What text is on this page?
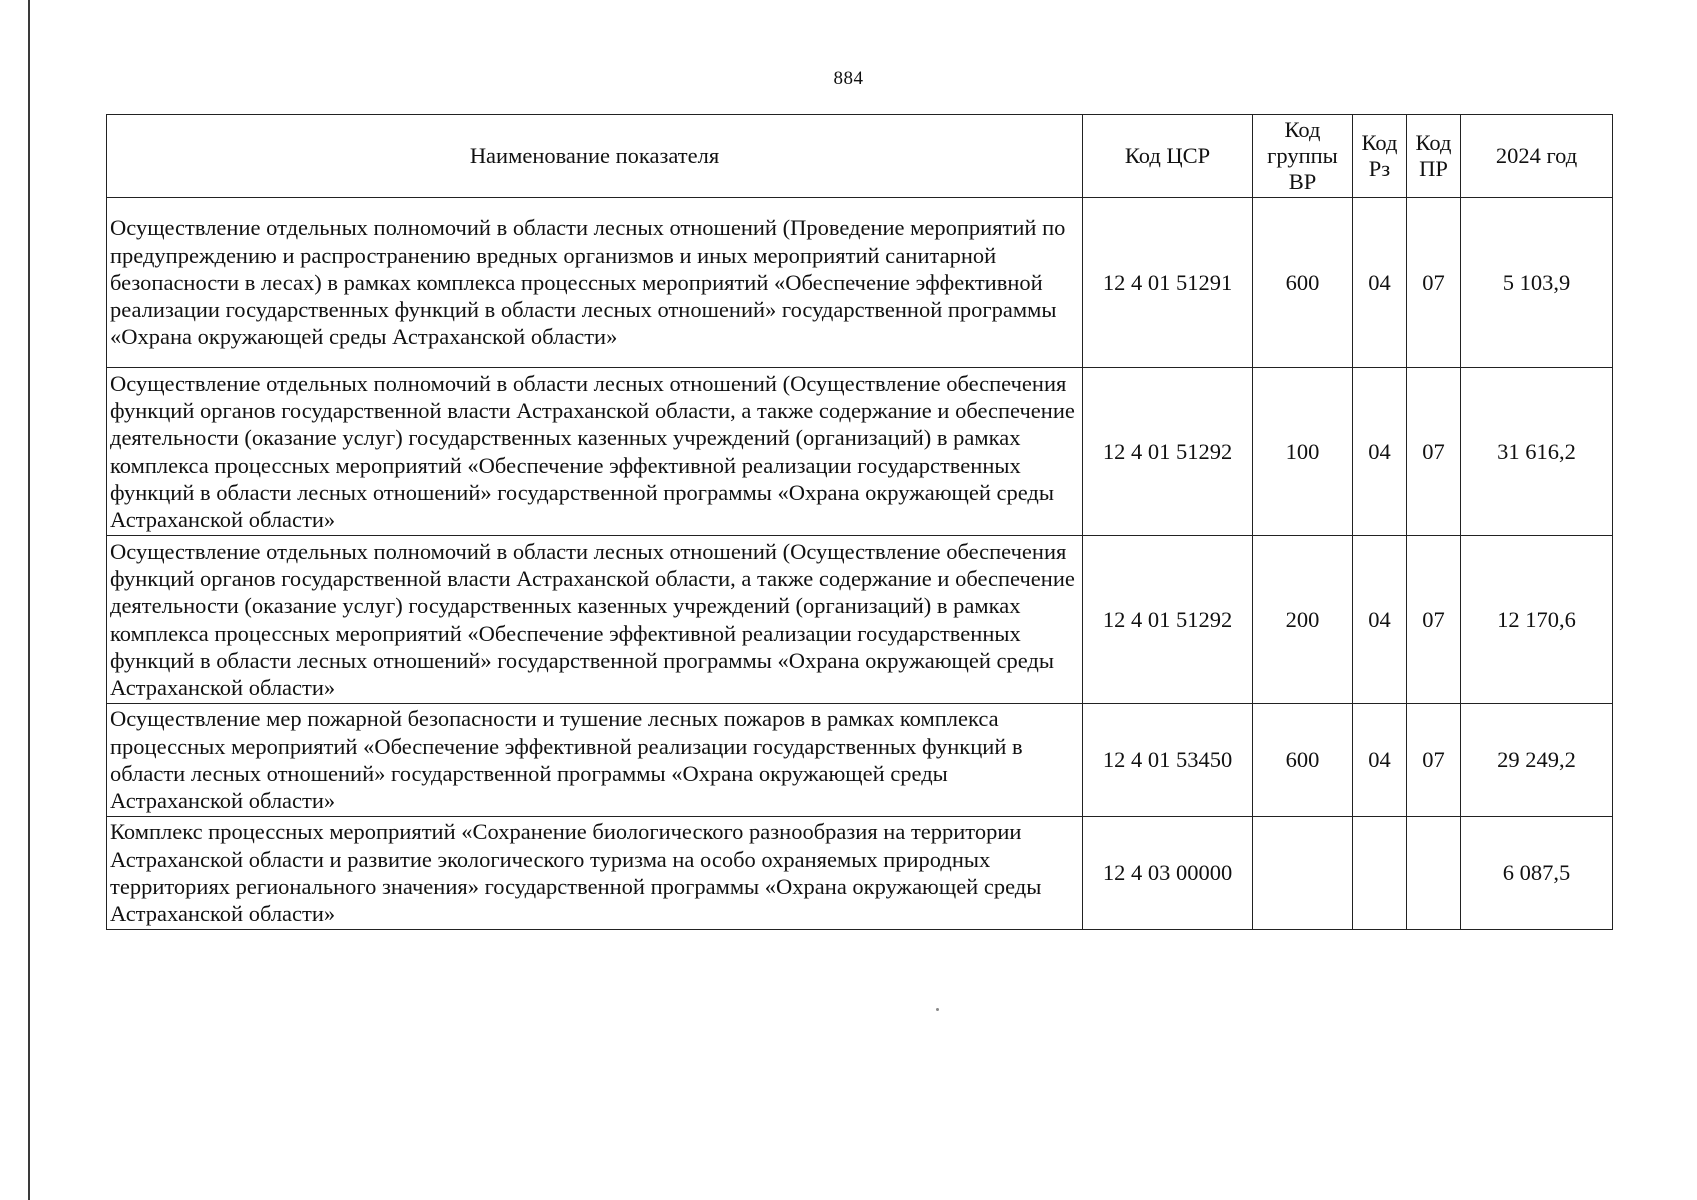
884
Наименование показателя	Код ЦСР	Код группы ВР	Код Рз	Код ПР	2024 год
Осуществление отдельных полномочий в области лесных отношений (Проведение мероприятий по предупреждению и распространению вредных организмов и иных мероприятий санитарной безопасности в лесах) в рамках комплекса процессных мероприятий «Обеспечение эффективной реализации государственных функций в области лесных отношений» государственной программы «Охрана окружающей среды Астраханской области»	12 4 01 51291	600	04	07	5 103,9
Осуществление отдельных полномочий в области лесных отношений (Осуществление обеспечения функций органов государственной власти Астраханской области, а также содержание и обеспечение деятельности (оказание услуг) государственных казенных учреждений (организаций) в рамках комплекса процессных мероприятий «Обеспечение эффективной реализации государственных функций в области лесных отношений» государственной программы «Охрана окружающей среды Астраханской области»	12 4 01 51292	100	04	07	31 616,2
Осуществление отдельных полномочий в области лесных отношений (Осуществление обеспечения функций органов государственной власти Астраханской области, а также содержание и обеспечение деятельности (оказание услуг) государственных казенных учреждений (организаций) в рамках комплекса процессных мероприятий «Обеспечение эффективной реализации государственных функций в области лесных отношений» государственной программы «Охрана окружающей среды Астраханской области»	12 4 01 51292	200	04	07	12 170,6
Осуществление мер пожарной безопасности и тушение лесных пожаров в рамках комплекса процессных мероприятий «Обеспечение эффективной реализации государственных функций в области лесных отношений» государственной программы «Охрана окружающей среды Астраханской области»	12 4 01 53450	600	04	07	29 249,2
Комплекс процессных мероприятий «Сохранение биологического разнообразия на территории Астраханской области и развитие экологического туризма на особо охраняемых природных территориях регионального значения» государственной программы «Охрана окружающей среды Астраханской области»	12 4 03 00000				6 087,5
